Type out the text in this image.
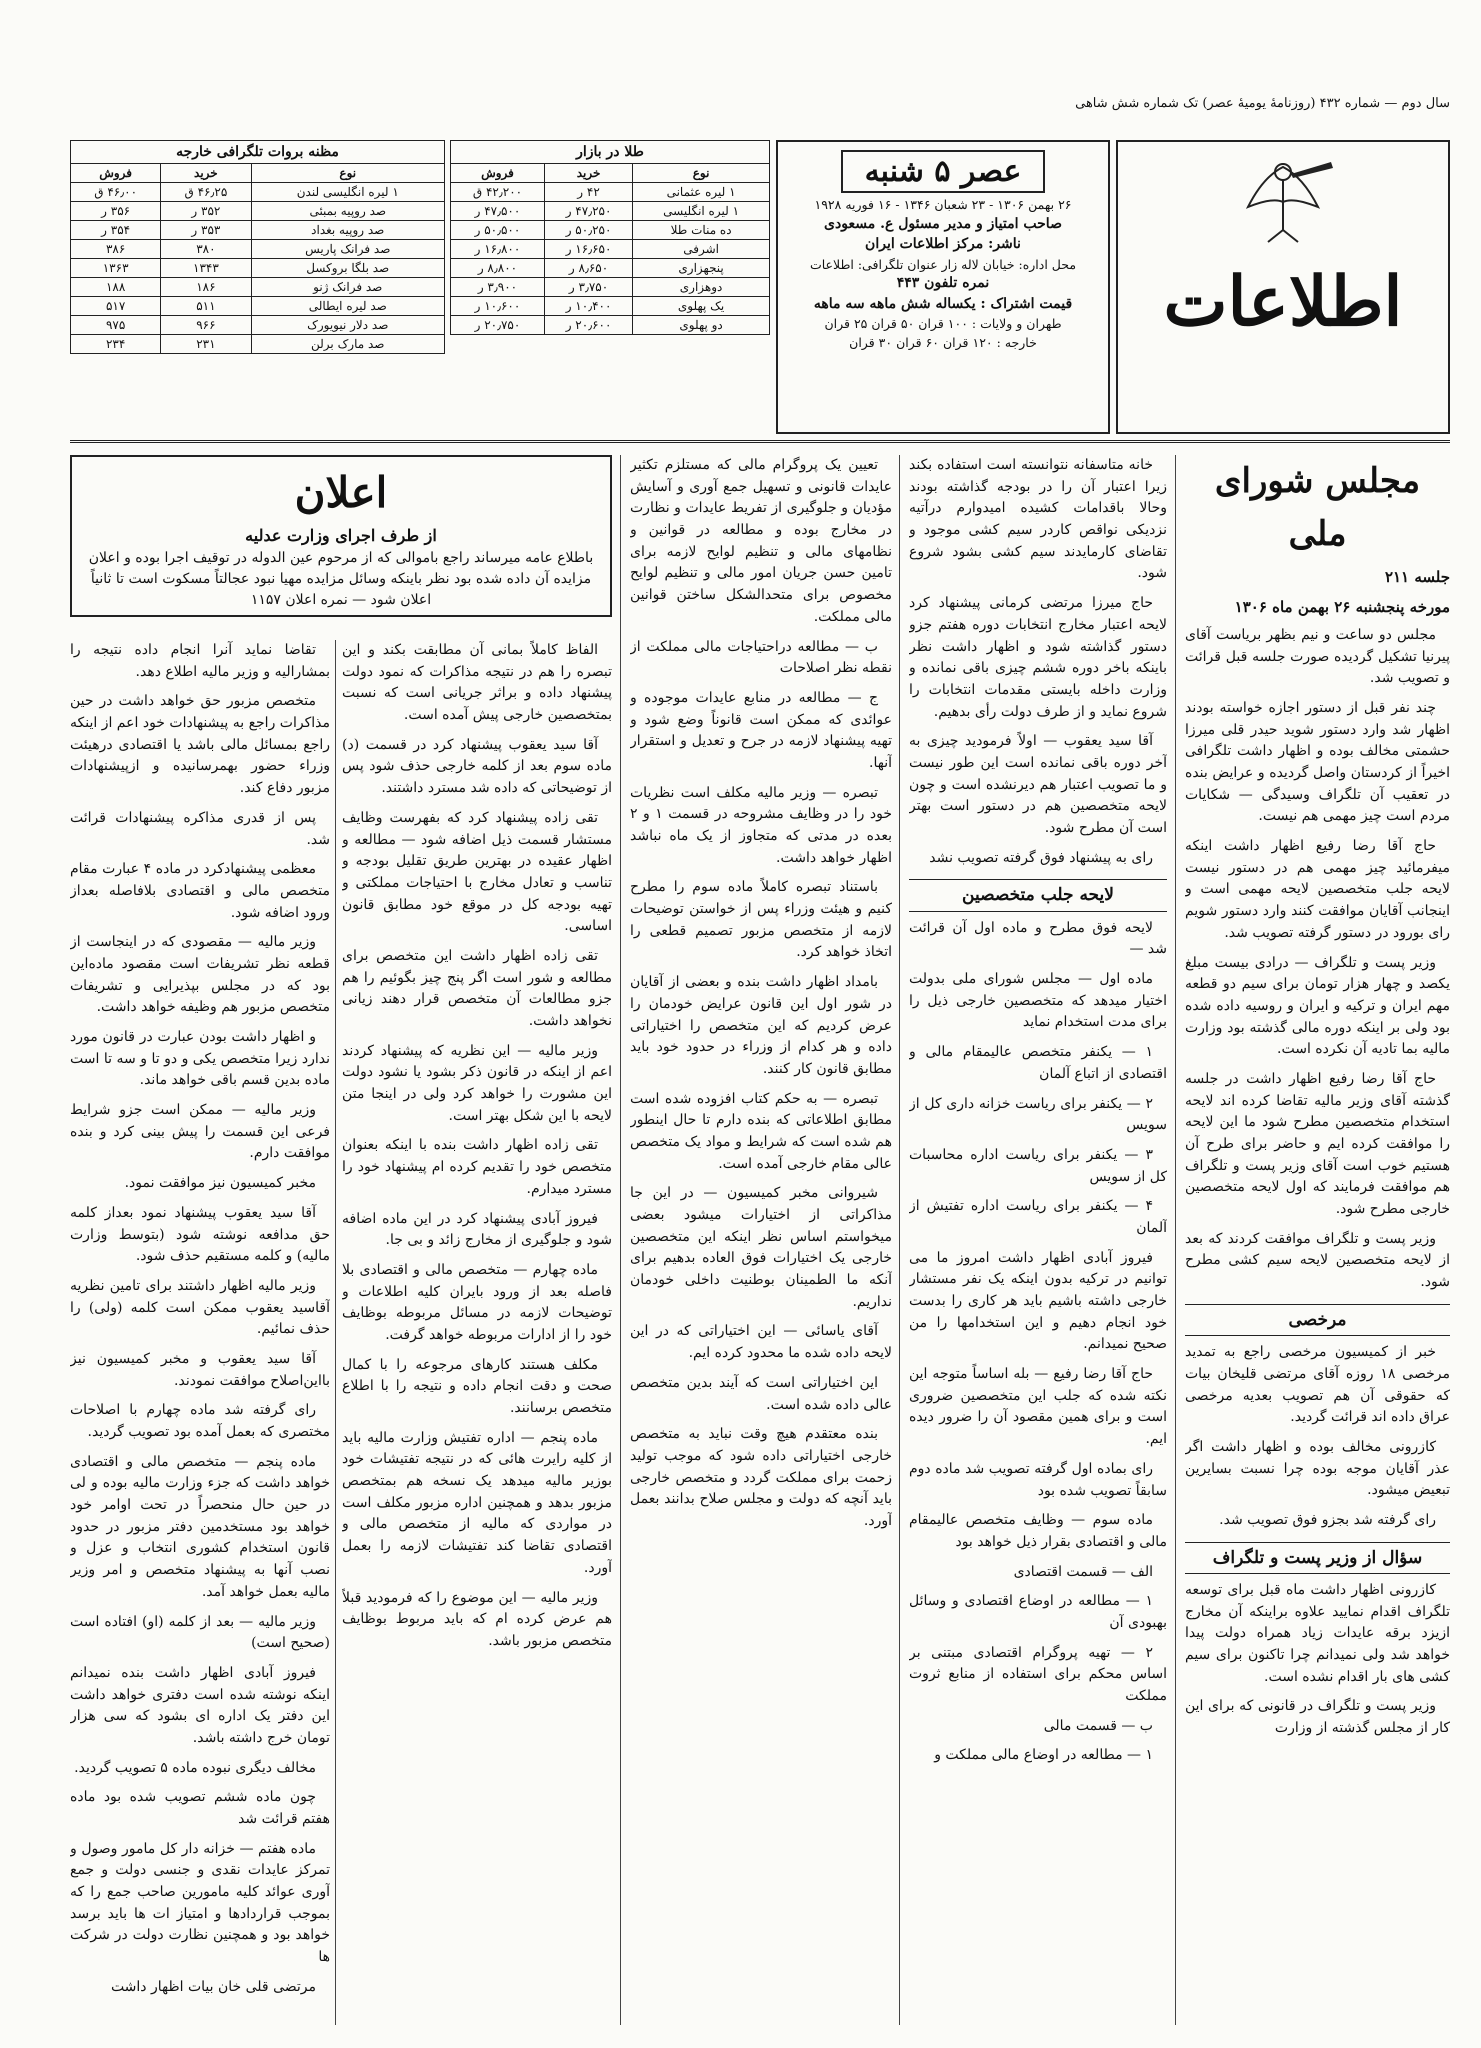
سال دوم — شماره ۴۳۲ (روزنامهٔ یومیهٔ عصر) تک شماره شش شاهی
اطلاعات
عصر ۵ شنبه
۲۶ بهمن ۱۳۰۶ - ۲۳ شعبان ۱۳۴۶ - ۱۶ فوریه ۱۹۲۸
صاحب امتیاز و مدیر مسئول ع. مسعودی
ناشر: مرکز اطلاعات ایران
محل اداره: خیابان لاله زار عنوان تلگرافی: اطلاعات
نمره تلفون ۴۴۳
قیمت اشتراک : یکساله شش ماهه سه ماهه
طهران و ولایات : ۱۰۰ قران ۵۰ قران ۲۵ قران
خارجه : ۱۲۰ قران ۶۰ قران ۳۰ قران
طلا در بازار
نوع	خرید	فروش
۱ لیره عثمانی	۴۲ ر	۴۲٫۲۰۰ ق
۱ لیره انگلیسی	۴۷٫۲۵۰ ر	۴۷٫۵۰۰ ر
ده منات طلا	۵۰٫۲۵۰ ر	۵۰٫۵۰۰ ر
اشرفی	۱۶٫۶۵۰ ر	۱۶٫۸۰۰ ر
پنجهزاری	۸٫۶۵۰ ر	۸٫۸۰۰ ر
دوهزاری	۳٫۷۵۰ ر	۳٫۹۰۰ ر
یک پهلوی	۱۰٫۴۰۰ ر	۱۰٫۶۰۰ ر
دو پهلوی	۲۰٫۶۰۰ ر	۲۰٫۷۵۰ ر
مظنه بروات تلگرافی خارجه
نوع	خرید	فروش
۱ لیره انگلیسی لندن	۴۶٫۲۵ ق	۴۶٫۰۰ ق
صد روپیه بمبئی	۳۵۲ ر	۳۵۶ ر
صد روپیه بغداد	۳۵۳ ر	۳۵۴ ر
صد فرانک پاریس	۳۸۰	۳۸۶
صد بلگا بروکسل	۱۳۴۳	۱۳۶۳
صد فرانک ژنو	۱۸۶	۱۸۸
صد لیره ایطالی	۵۱۱	۵۱۷
صد دلار نیویورک	۹۶۶	۹۷۵
صد مارک برلن	۲۳۱	۲۳۴
مجلس شورای ملی
جلسه ۲۱۱
مورخه پنجشنبه ۲۶ بهمن ماه ۱۳۰۶

مجلس دو ساعت و نیم بظهر بریاست آقای پیرنیا تشکیل گردیده صورت جلسه قبل قرائت و تصویب شد.

چند نفر قبل از دستور اجازه خواسته بودند اظهار شد وارد دستور شوید حیدر قلی میرزا حشمتی مخالف بوده و اظهار داشت تلگرافی اخیراً از کردستان واصل گردیده و عرایض بنده در تعقیب آن تلگراف وسیدگی — شکایات مردم است چیز مهمی هم نیست.

حاج آقا رضا رفیع اظهار داشت اینکه میفرمائید چیز مهمی هم در دستور نیست لایحه جلب متخصصین لایحه مهمی است و اینجانب آقایان موافقت کنند وارد دستور شویم رای بورود در دستور گرفته تصویب شد.

وزیر پست و تلگراف — درادی بیست مبلغ یکصد و چهار هزار تومان برای سیم دو قطعه مهم ایران و ترکیه و ایران و روسیه داده شده بود ولی بر اینکه دوره مالی گذشته بود وزارت مالیه بما تادیه آن نکرده است.

حاج آقا رضا رفیع اظهار داشت در جلسه گذشته آقای وزیر مالیه تقاضا کرده اند لایحه استخدام متخصصین مطرح شود ما این لایحه را موافقت کرده ایم و حاضر برای طرح آن هستیم خوب است آقای وزیر پست و تلگراف هم موافقت فرمایند که اول لایحه متخصصین خارجی مطرح شود.

وزیر پست و تلگراف موافقت کردند که بعد از لایحه متخصصین لایحه سیم کشی مطرح شود.

مرخصی

خبر از کمیسیون مرخصی راجع به تمدید مرخصی ۱۸ روزه آقای مرتضی قلیخان بیات که حقوقی آن هم تصویب بعدیه مرخصی عراق داده اند قرائت گردید.

کازرونی مخالف بوده و اظهار داشت اگر عذر آقایان موجه بوده چرا نسبت بسایرین تبعیض میشود.

رای گرفته شد بجزو فوق تصویب شد.

سؤال از وزیر پست و تلگراف

کازرونی اظهار داشت ماه قبل برای توسعه تلگراف اقدام نمایید علاوه براینکه آن مخارج ازیزد برقه عایدات زیاد همراه دولت پیدا خواهد شد ولی نمیدانم چرا تاکنون برای سیم کشی های بار اقدام نشده است.

وزیر پست و تلگراف در قانونی که برای این کار از مجلس گذشته از وزارت

خانه متاسفانه نتوانسته است استفاده بکند زیرا اعتبار آن را در بودجه گذاشته بودند وحالا باقدامات کشیده امیدوارم درآتیه نزدیکی نواقص کاردر سیم کشی موجود و تقاضای کارمایدند سیم کشی بشود شروع شود.

حاج میرزا مرتضی کرمانی پیشنهاد کرد لایحه اعتبار مخارج انتخابات دوره هفتم جزو دستور گذاشته شود و اظهار داشت نظر باینکه باخر دوره ششم چیزی باقی نمانده و وزارت داخله بایستی مقدمات انتخابات را شروع نماید و از طرف دولت رأی بدهیم.

آقا سید یعقوب — اولاً فرمودید چیزی به آخر دوره باقی نمانده است این طور نیست و ما تصویب اعتبار هم دیرنشده است و چون لایحه متخصصین هم در دستور است بهتر است آن مطرح شود.

رای به پیشنهاد فوق گرفته تصویب نشد

لایحه جلب متخصصین

لایحه فوق مطرح و ماده اول آن قرائت شد —

ماده اول — مجلس شورای ملی بدولت اختیار میدهد که متخصصین خارجی ذیل را برای مدت استخدام نماید

۱ — یکنفر متخصص عالیمقام مالی و اقتصادی از اتباع آلمان

۲ — یکنفر برای ریاست خزانه داری کل از سویس

۳ — یکنفر برای ریاست اداره محاسبات کل از سویس

۴ — یکنفر برای ریاست اداره تفتیش از آلمان

فیروز آبادی اظهار داشت امروز ما می توانیم در ترکیه بدون اینکه یک نفر مستشار خارجی داشته باشیم باید هر کاری را بدست خود انجام دهیم و این استخدامها را من صحیح نمیدانم.

حاج آقا رضا رفیع — بله اساساً متوجه این نکته شده که جلب این متخصصین ضروری است و برای همین مقصود آن را ضرور دیده ایم.

رای بماده اول گرفته تصویب شد ماده دوم سابقاً تصویب شده بود

ماده سوم — وظایف متخصص عالیمقام مالی و اقتصادی بقرار ذیل خواهد بود

الف — قسمت اقتصادی

۱ — مطالعه در اوضاع اقتصادی و وسائل بهبودی آن

۲ — تهیه پروگرام اقتصادی مبتنی بر اساس محکم برای استفاده از منابع ثروت مملکت

ب — قسمت مالی

۱ — مطالعه در اوضاع مالی مملکت و

تعیین یک پروگرام مالی که مستلزم تکثیر عایدات قانونی و تسهیل جمع آوری و آسایش مؤدیان و جلوگیری از تفریط عایدات و نظارت در مخارج بوده و مطالعه در قوانین و نظامهای مالی و تنظیم لوایح لازمه برای تامین حسن جریان امور مالی و تنظیم لوایح مخصوص برای متحدالشکل ساختن قوانین مالی مملکت.

ب — مطالعه دراحتیاجات مالی مملکت از نقطه نظر اصلاحات

ج — مطالعه در منابع عایدات موجوده و عوائدی که ممکن است قانوناً وضع شود و تهیه پیشنهاد لازمه در جرح و تعدیل و استقرار آنها.

تبصره — وزیر مالیه مکلف است نظریات خود را در وظایف مشروحه در قسمت ۱ و ۲ بعده در مدتی که متجاوز از یک ماه نباشد اظهار خواهد داشت.

باستناد تبصره کاملاً ماده سوم را مطرح کنیم و هیئت وزراء پس از خواستن توضیحات لازمه از متخصص مزبور تصمیم قطعی را اتخاذ خواهد کرد.

بامداد اظهار داشت بنده و بعضی از آقایان در شور اول این قانون عرایض خودمان را عرض کردیم که این متخصص را اختیاراتی داده و هر کدام از وزراء در حدود خود باید مطابق قانون کار کنند.

تبصره — به حکم کتاب افزوده شده است مطابق اطلاعاتی که بنده دارم تا حال اینطور هم شده است که شرایط و مواد یک متخصص عالی مقام خارجی آمده است.

شیروانی مخبر کمیسیون — در این جا مذاکراتی از اختیارات میشود بعضی میخواستم اساس نظر اینکه این متخصصین خارجی یک اختیارات فوق العاده بدهیم برای آنکه ما الطمینان بوطنیت داخلی خودمان نداریم.

آقای یاسائی — این اختیاراتی که در این لایحه داده شده ما محدود کرده ایم.

این اختیاراتی است که آیند بدین متخصص عالی داده شده است.

بنده معتقدم هیچ وقت نباید به متخصص خارجی اختیاراتی داده شود که موجب تولید زحمت برای مملکت گردد و متخصص خارجی باید آنچه که دولت و مجلس صلاح بدانند بعمل آورد.

اعلان
از طرف اجرای وزارت عدلیه
باطلاع عامه میرساند راجع باموالی که از مرحوم عین الدوله در توقیف اجرا بوده و اعلان مزایده آن داده شده بود نظر باینکه وسائل مزایده مهیا نبود عجالتاً مسکوت است تا ثانیاً اعلان شود — نمره اعلان ۱۱۵۷

الفاظ کاملاً بمانی آن مطابقت بکند و این تبصره را هم در نتیجه مذاکرات که نمود دولت پیشنهاد داده و براثر جریانی است که نسبت بمتخصصین خارجی پیش آمده است.

آقا سید یعقوب پیشنهاد کرد در قسمت (د) ماده سوم بعد از کلمه خارجی حذف شود پس از توضیحاتی که داده شد مسترد داشتند.

تقی زاده پیشنهاد کرد که بفهرست وظایف مستشار قسمت ذیل اضافه شود — مطالعه و اظهار عقیده در بهترین طریق تقلیل بودجه و تناسب و تعادل مخارج با احتیاجات مملکتی و تهیه بودجه کل در موقع خود مطابق قانون اساسی.

تقی زاده اظهار داشت این متخصص برای مطالعه و شور است اگر پنج چیز بگوئیم را هم جزو مطالعات آن متخصص قرار دهند زیانی نخواهد داشت.

وزیر مالیه — این نظریه که پیشنهاد کردند اعم از اینکه در قانون ذکر بشود یا نشود دولت این مشورت را خواهد کرد ولی در اینجا متن لایحه با این شکل بهتر است.

تقی زاده اظهار داشت بنده با اینکه بعنوان متخصص خود را تقدیم کرده ام پیشنهاد خود را مسترد میدارم.

فیروز آبادی پیشنهاد کرد در این ماده اضافه شود و جلوگیری از مخارج زائد و بی جا.

ماده چهارم — متخصص مالی و اقتصادی بلا فاصله بعد از ورود بایران کلیه اطلاعات و توضیحات لازمه در مسائل مربوطه بوظایف خود را از ادارات مربوطه خواهد گرفت.

مکلف هستند کارهای مرجوعه را با کمال صحت و دقت انجام داده و نتیجه را با اطلاع متخصص برسانند.

ماده پنجم — اداره تفتیش وزارت مالیه باید از کلیه رایرت هائی که در نتیجه تفتیشات خود بوزیر مالیه میدهد یک نسخه هم بمتخصص مزبور بدهد و همچنین اداره مزبور مکلف است در مواردی که مالیه از متخصص مالی و اقتصادی تقاضا کند تفتیشات لازمه را بعمل آورد.

وزیر مالیه — این موضوع را که فرمودید قبلاً هم عرض کرده ام که باید مربوط بوظایف متخصص مزبور باشد.

تقاضا نماید آنرا انجام داده نتیجه را بمشاراليه و وزیر مالیه اطلاع دهد.

متخصص مزبور حق خواهد داشت در حین مذاکرات راجع به پیشنهادات خود اعم از اینکه راجع بمسائل مالی باشد یا اقتصادی درهیئت وزراء حضور بهمرسانیده و ازپیشنهادات مزبور دفاع کند.

پس از قدری مذاکره پیشنهادات قرائت شد.

معظمی پیشنهادکرد در ماده ۴ عبارت مقام متخصص مالی و اقتصادی بلافاصله بعداز ورود اضافه شود.

وزیر مالیه — مقصودی که در اینجاست از قطعه نظر تشریفات است مقصود ماده‌این بود که در مجلس بپذیرایی و تشریفات متخصص مزبور هم وظیفه خواهد داشت.

و اظهار داشت بودن عبارت در قانون مورد ندارد زیرا متخصص یکی و دو تا و سه تا است ماده بدین قسم باقی خواهد ماند.

وزیر مالیه — ممکن است جزو شرایط فرعی این قسمت را پیش بینی کرد و بنده موافقت دارم.

مخبر کمیسیون نیز موافقت نمود.

آقا سید یعقوب پیشنهاد نمود بعداز کلمه حق مدافعه نوشته شود (بتوسط وزارت مالیه) و کلمه مستقیم حذف شود.

وزیر مالیه اظهار داشتند برای تامین نظریه آقاسید یعقوب ممکن است کلمه (ولی) را حذف نمائیم.

آقا سید یعقوب و مخبر کمیسیون نیز بااین‌اصلاح موافقت نمودند.

رای گرفته شد ماده چهارم با اصلاحات مختصری که بعمل آمده بود تصویب گردید.

ماده پنجم — متخصص مالی و اقتصادی خواهد داشت که جزء وزارت مالیه بوده و لی در حین حال منحصراً در تحت اوامر خود خواهد بود مستخدمین دفتر مزبور در حدود قانون استخدام کشوری انتخاب و عزل و نصب آنها به پیشنهاد متخصص و امر وزیر مالیه بعمل خواهد آمد.

وزیر مالیه — بعد از کلمه (او) افتاده است (صحیح است)

فیروز آبادی اظهار داشت بنده نمیدانم اینکه نوشته شده است دفتری خواهد داشت این دفتر یک اداره ای بشود که سی هزار تومان خرج داشته باشد.

مخالف دیگری نبوده ماده ۵ تصویب گردید.

چون ماده ششم تصویب شده بود ماده هفتم قرائت شد

ماده هفتم — خزانه دار کل مامور وصول و تمرکز عایدات نقدی و جنسی دولت و جمع آوری عوائد کلیه مامورین صاحب جمع را که بموجب قراردادها و امتیاز ات ها باید برسد خواهد بود و همچنین نظارت دولت در شرکت ها

مرتضی قلی خان بیات اظهار داشت
